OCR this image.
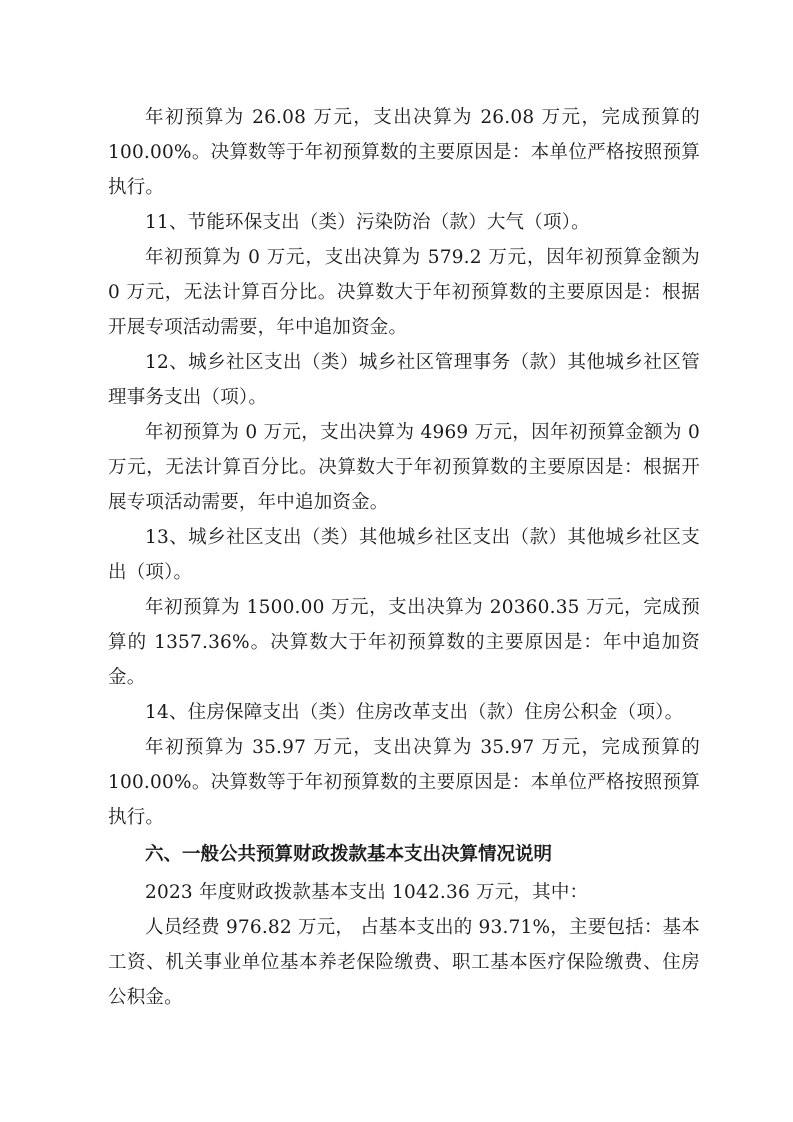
年初预算为 26.08 万元，支出决算为 26.08 万元，完成预算的 100.00%。决算数等于年初预算数的主要原因是：本单位严格按照预算执行。

11、节能环保支出（类）污染防治（款）大气（项）。

年初预算为 0 万元，支出决算为 579.2 万元，因年初预算金额为 0 万元，无法计算百分比。决算数大于年初预算数的主要原因是：根据开展专项活动需要，年中追加资金。

12、城乡社区支出（类）城乡社区管理事务（款）其他城乡社区管理事务支出（项）。

年初预算为 0 万元，支出决算为 4969 万元，因年初预算金额为 0 万元，无法计算百分比。决算数大于年初预算数的主要原因是：根据开展专项活动需要，年中追加资金。

13、城乡社区支出（类）其他城乡社区支出（款）其他城乡社区支出（项）。

年初预算为 1500.00 万元，支出决算为 20360.35 万元，完成预算的 1357.36%。决算数大于年初预算数的主要原因是：年中追加资金。

14、住房保障支出（类）住房改革支出（款）住房公积金（项）。

年初预算为 35.97 万元，支出决算为 35.97 万元，完成预算的 100.00%。决算数等于年初预算数的主要原因是：本单位严格按照预算执行。

六、一般公共预算财政拨款基本支出决算情况说明

2023 年度财政拨款基本支出 1042.36 万元，其中：

人员经费 976.82 万元， 占基本支出的 93.71%，主要包括：基本工资、机关事业单位基本养老保险缴费、职工基本医疗保险缴费、住房公积金。
